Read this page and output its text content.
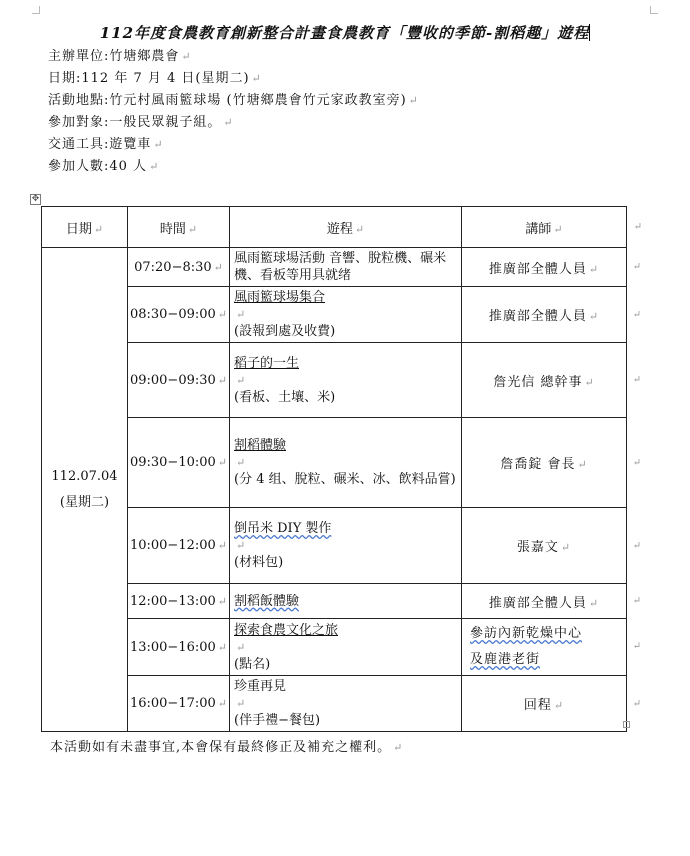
112年度食農教育創新整合計畫食農教育「豐收的季節-割稻趣」遊程
主辦單位:竹塘鄉農會 ↵
日期:112 年 7 月 4 日(星期二) ↵
活動地點:竹元村風雨籃球場 (竹塘鄉農會竹元家政教室旁) ↵
參加對象:一般民眾親子組。 ↵
交通工具:遊覽車 ↵
參加人數:40 人 ↵
✥
日期 ↵	時間 ↵	遊程 ↵	講師 ↵ ↵

112.07.04
(星期二)	07:20−8:30 ↵	風雨籃球場活動 音響、脫粒機、碾米機、看板等用具就绪	推廣部全體人員 ↵ ↵
	08:30−09:00 ↵	風雨籃球場集合
↵
(設報到處及收費)	推廣部全體人員 ↵ ↵
	09:00−09:30 ↵	稻子的一生
↵
(看板、土壤、米)	詹光信 總幹事 ↵ ↵
	09:30−10:00 ↵	割稻體驗
↵
(分 4 组、脫粒、碾米、冰、飲料品嘗)	詹喬錠 會長 ↵ ↵
	10:00−12:00 ↵	倒吊米 DIY 製作
↵
(材料包)	張嘉文 ↵ ↵
	12:00−13:00 ↵	割稻飯體驗	推廣部全體人員 ↵ ↵
	13:00−16:00 ↵	探索食農文化之旅
↵
(點名)	參訪內新乾燥中心
及鹿港老街
↵
	16:00−17:00 ↵	珍重再見
↵
(伴手禮−餐包)	回程 ↵ ↵
本活動如有未盡事宜,本會保有最終修正及補充之權利。 ↵
